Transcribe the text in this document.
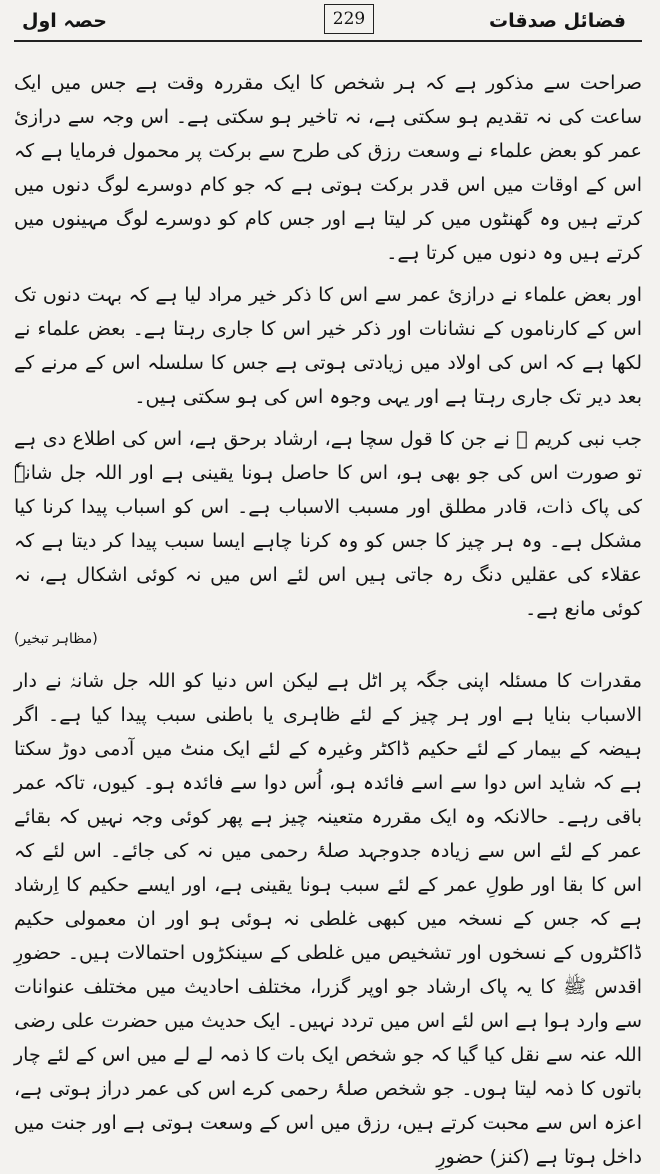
فضائل صدقات
229
حصہ اول

صراحت سے مذکور ہے کہ ہر شخص کا ایک مقررہ وقت ہے جس میں ایک ساعت کی نہ تقدیم ہو سکتی ہے، نہ تاخیر ہو سکتی ہے۔ اس وجہ سے درازیٔ عمر کو بعض علماء نے وسعت رزق کی طرح سے برکت پر محمول فرمایا ہے کہ اس کے اوقات میں اس قدر برکت ہوتی ہے کہ جو کام دوسرے لوگ دنوں میں کرتے ہیں وہ گھنٹوں میں کر لیتا ہے اور جس کام کو دوسرے لوگ مہینوں میں کرتے ہیں وہ دنوں میں کرتا ہے۔

اور بعض علماء نے درازیٔ عمر سے اس کا ذکر خیر مراد لیا ہے کہ بہت دنوں تک اس کے کارناموں کے نشانات اور ذکر خیر اس کا جاری رہتا ہے۔ بعض علماء نے لکھا ہے کہ اس کی اولاد میں زیادتی ہوتی ہے جس کا سلسلہ اس کے مرنے کے بعد دیر تک جاری رہتا ہے اور یہی وجوہ اس کی ہو سکتی ہیں۔

جب نبی کریم ﷺ نے جن کا قول سچا ہے، ارشاد برحق ہے، اس کی اطلاع دی ہے تو صورت اس کی جو بھی ہو، اس کا حاصل ہونا یقینی ہے اور اللہ جل شانہٗ کی پاک ذات، قادر مطلق اور مسبب الاسباب ہے۔ اس کو اسباب پیدا کرنا کیا مشکل ہے۔ وہ ہر چیز کا جس کو وہ کرنا چاہے ایسا سبب پیدا کر دیتا ہے کہ عقلاء کی عقلیں دنگ رہ جاتی ہیں اس لئے اس میں نہ کوئی اشکال ہے، نہ کوئی مانع ہے۔

(مظاہر تبخیر)

مقدرات کا مسئلہ اپنی جگہ پر اٹل ہے لیکن اس دنیا کو اللہ جل شانہٗ نے دار الاسباب بنایا ہے اور ہر چیز کے لئے ظاہری یا باطنی سبب پیدا کیا ہے۔ اگر ہیضہ کے بیمار کے لئے حکیم ڈاکٹر وغیرہ کے لئے ایک منٹ میں آدمی دوڑ سکتا ہے کہ شاید اس دوا سے اسے فائدہ ہو، اُس دوا سے فائدہ ہو۔ کیوں، تاکہ عمر باقی رہے۔ حالانکہ وہ ایک مقررہ متعینہ چیز ہے پھر کوئی وجہ نہیں کہ بقائے عمر کے لئے اس سے زیادہ جدوجہد صلۂ رحمی میں نہ کی جائے۔ اس لئے کہ اس کا بقا اور طولِ عمر کے لئے سبب ہونا یقینی ہے، اور ایسے حکیم کا اِرشاد ہے کہ جس کے نسخہ میں کبھی غلطی نہ ہوئی ہو اور ان معمولی حکیم ڈاکٹروں کے نسخوں اور تشخیص میں غلطی کے سینکڑوں احتمالات ہیں۔ حضورِ اقدس ﷺ کا یہ پاک ارشاد جو اوپر گزرا، مختلف احادیث میں مختلف عنوانات سے وارد ہوا ہے اس لئے اس میں تردد نہیں۔ ایک حدیث میں حضرت علی رضی اللہ عنہ سے نقل کیا گیا کہ جو شخص ایک بات کا ذمہ لے لے میں اس کے لئے چار باتوں کا ذمہ لیتا ہوں۔ جو شخص صلۂ رحمی کرے اس کی عمر دراز ہوتی ہے، اعزہ اس سے محبت کرتے ہیں، رزق میں اس کے وسعت ہوتی ہے اور جنت میں داخل ہوتا ہے (کنز) حضورِ
